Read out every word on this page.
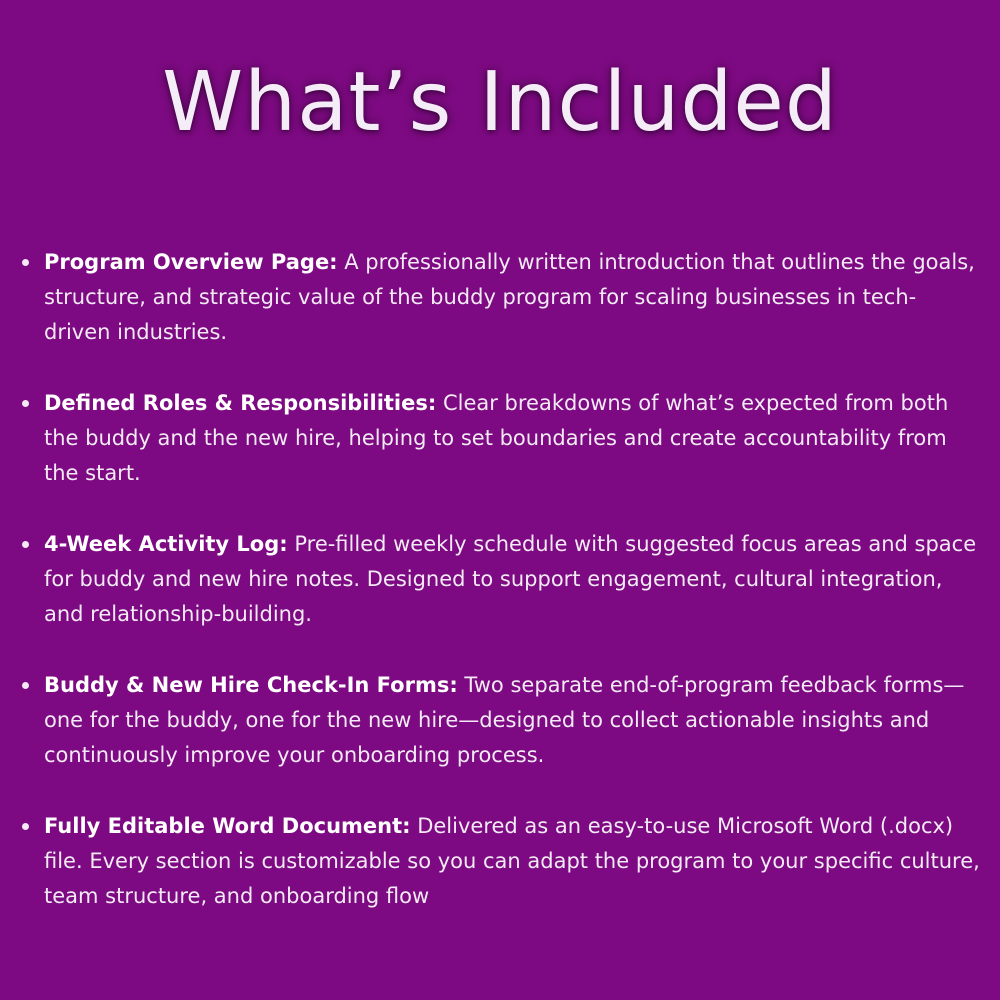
What’s Included
Program Overview Page: A professionally written introduction that outlines the goals, structure, and strategic value of the buddy program for scaling businesses in tech-driven industries.
Defined Roles & Responsibilities: Clear breakdowns of what’s expected from both the buddy and the new hire, helping to set boundaries and create accountability from the start.
4-Week Activity Log: Pre-filled weekly schedule with suggested focus areas and space for buddy and new hire notes. Designed to support engagement, cultural integration, and relationship-building.
Buddy & New Hire Check-In Forms: Two separate end-of-program feedback forms—one for the buddy, one for the new hire—designed to collect actionable insights and continuously improve your onboarding process.
Fully Editable Word Document: Delivered as an easy-to-use Microsoft Word (.docx) file. Every section is customizable so you can adapt the program to your specific culture, team structure, and onboarding flow
